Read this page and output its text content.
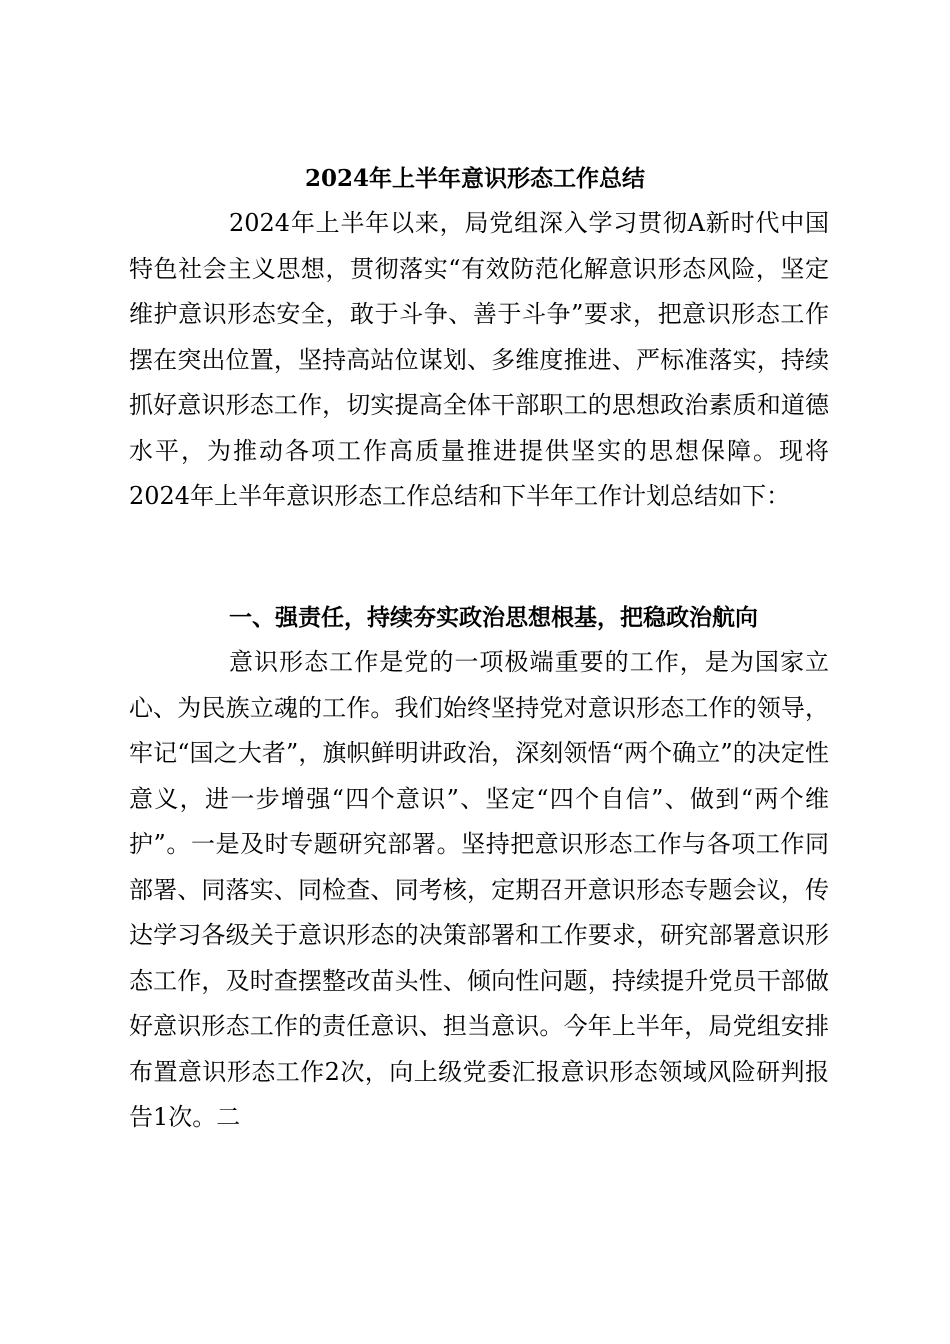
2024年上半年意识形态工作总结

2024年上半年以来，局党组深入学习贯彻A新时代中国特色社会主义思想，贯彻落实“有效防范化解意识形态风险，坚定维护意识形态安全，敢于斗争、善于斗争”要求，把意识形态工作摆在突出位置，坚持高站位谋划、多维度推进、严标准落实，持续抓好意识形态工作，切实提高全体干部职工的思想政治素质和道德水平，为推动各项工作高质量推进提供坚实的思想保障。现将2024年上半年意识形态工作总结和下半年工作计划总结如下：

一、强责任，持续夯实政治思想根基，把稳政治航向

意识形态工作是党的一项极端重要的工作，是为国家立心、为民族立魂的工作。我们始终坚持党对意识形态工作的领导，牢记“国之大者”，旗帜鲜明讲政治，深刻领悟“两个确立”的决定性意义，进一步增强“四个意识”、坚定“四个自信”、做到“两个维护”。一是及时专题研究部署。坚持把意识形态工作与各项工作同部署、同落实、同检查、同考核，定期召开意识形态专题会议，传达学习各级关于意识形态的决策部署和工作要求，研究部署意识形态工作，及时查摆整改苗头性、倾向性问题，持续提升党员干部做好意识形态工作的责任意识、担当意识。今年上半年，局党组安排布置意识形态工作2次，向上级党委汇报意识形态领域风险研判报告1次。二
